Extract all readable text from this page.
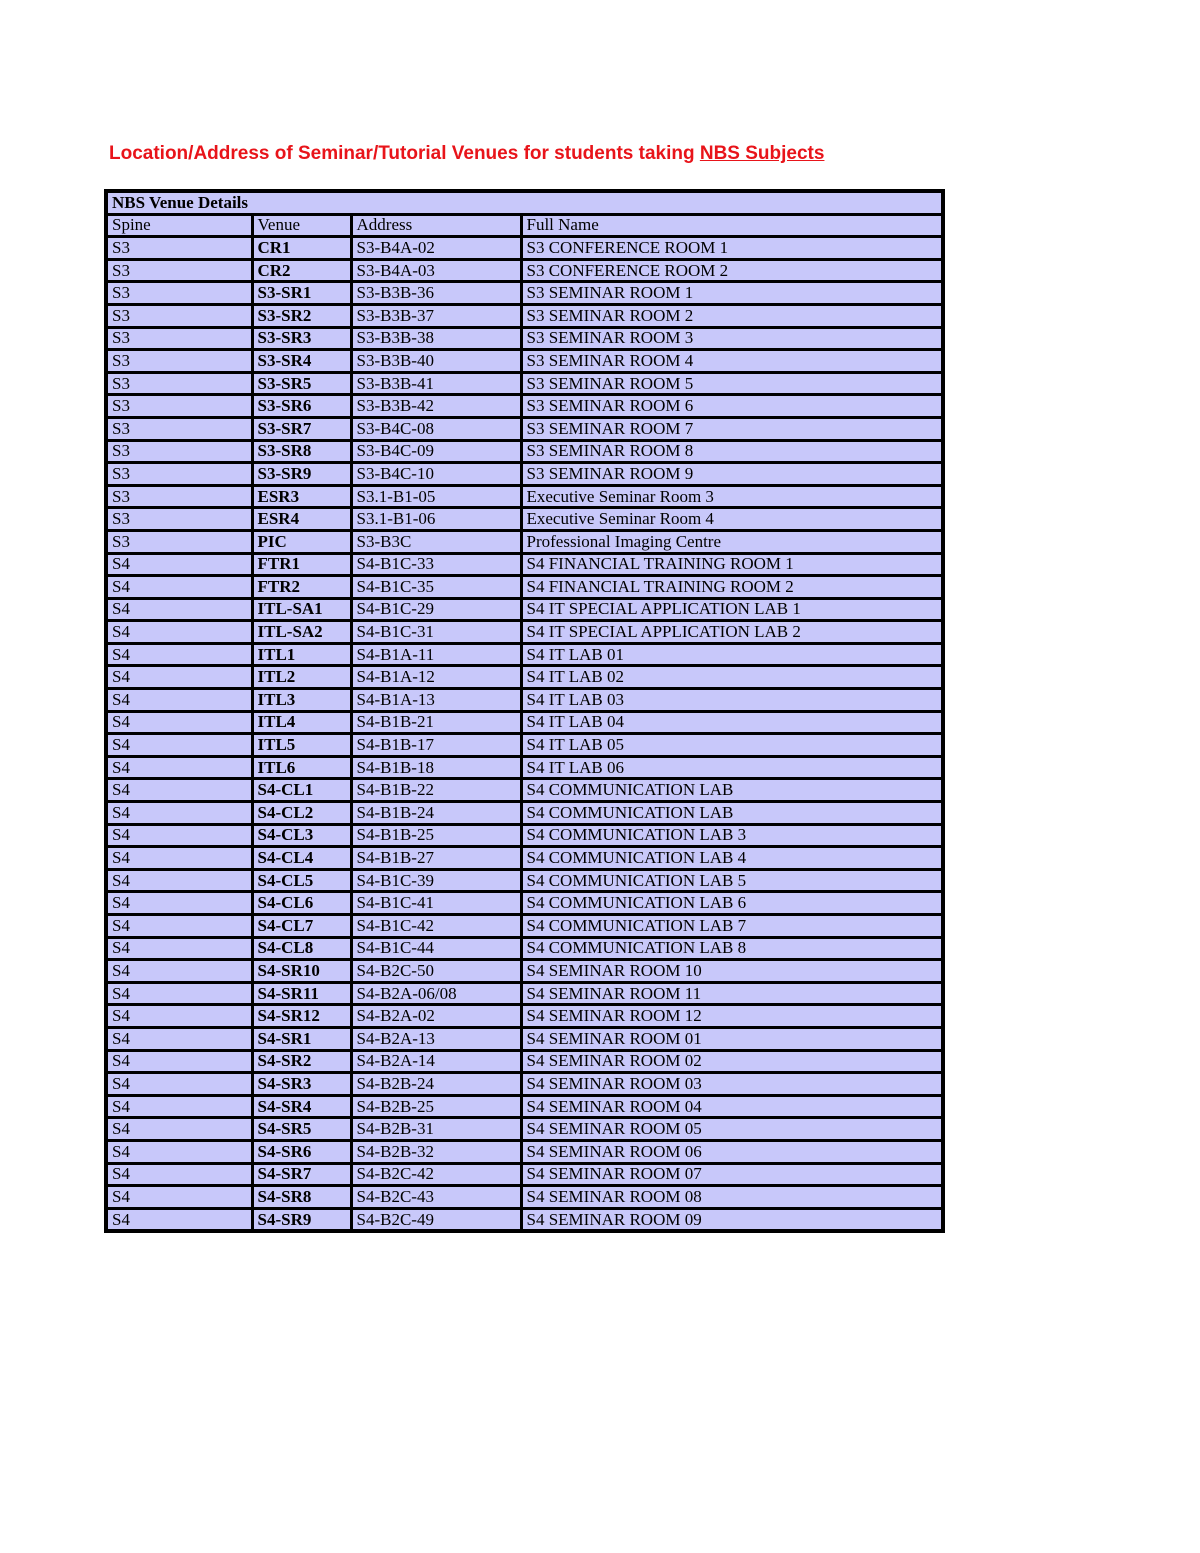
Location/Address of Seminar/Tutorial Venues for students taking NBS Subjects
NBS Venue Details			
Spine	Venue	Address	Full Name
S3	CR1	S3-B4A-02	S3 CONFERENCE ROOM 1
S3	CR2	S3-B4A-03	S3 CONFERENCE ROOM 2
S3	S3-SR1	S3-B3B-36	S3 SEMINAR ROOM 1
S3	S3-SR2	S3-B3B-37	S3 SEMINAR ROOM 2
S3	S3-SR3	S3-B3B-38	S3 SEMINAR ROOM 3
S3	S3-SR4	S3-B3B-40	S3 SEMINAR ROOM 4
S3	S3-SR5	S3-B3B-41	S3 SEMINAR ROOM 5
S3	S3-SR6	S3-B3B-42	S3 SEMINAR ROOM 6
S3	S3-SR7	S3-B4C-08	S3 SEMINAR ROOM 7
S3	S3-SR8	S3-B4C-09	S3 SEMINAR ROOM 8
S3	S3-SR9	S3-B4C-10	S3 SEMINAR ROOM 9
S3	ESR3	S3.1-B1-05	Executive Seminar Room 3
S3	ESR4	S3.1-B1-06	Executive Seminar Room 4
S3	PIC	S3-B3C	Professional Imaging Centre
S4	FTR1	S4-B1C-33	S4 FINANCIAL TRAINING ROOM 1
S4	FTR2	S4-B1C-35	S4 FINANCIAL TRAINING ROOM 2
S4	ITL-SA1	S4-B1C-29	S4 IT SPECIAL APPLICATION LAB 1
S4	ITL-SA2	S4-B1C-31	S4 IT SPECIAL APPLICATION LAB 2
S4	ITL1	S4-B1A-11	S4 IT LAB 01
S4	ITL2	S4-B1A-12	S4 IT LAB 02
S4	ITL3	S4-B1A-13	S4 IT LAB 03
S4	ITL4	S4-B1B-21	S4 IT LAB 04
S4	ITL5	S4-B1B-17	S4 IT LAB 05
S4	ITL6	S4-B1B-18	S4 IT LAB 06
S4	S4-CL1	S4-B1B-22	S4 COMMUNICATION LAB
S4	S4-CL2	S4-B1B-24	S4 COMMUNICATION LAB
S4	S4-CL3	S4-B1B-25	S4 COMMUNICATION LAB 3
S4	S4-CL4	S4-B1B-27	S4 COMMUNICATION LAB 4
S4	S4-CL5	S4-B1C-39	S4 COMMUNICATION LAB 5
S4	S4-CL6	S4-B1C-41	S4 COMMUNICATION LAB 6
S4	S4-CL7	S4-B1C-42	S4 COMMUNICATION LAB 7
S4	S4-CL8	S4-B1C-44	S4 COMMUNICATION LAB 8
S4	S4-SR10	S4-B2C-50	S4 SEMINAR ROOM 10
S4	S4-SR11	S4-B2A-06/08	S4 SEMINAR ROOM 11
S4	S4-SR12	S4-B2A-02	S4 SEMINAR ROOM 12
S4	S4-SR1	S4-B2A-13	S4 SEMINAR ROOM 01
S4	S4-SR2	S4-B2A-14	S4 SEMINAR ROOM 02
S4	S4-SR3	S4-B2B-24	S4 SEMINAR ROOM 03
S4	S4-SR4	S4-B2B-25	S4 SEMINAR ROOM 04
S4	S4-SR5	S4-B2B-31	S4 SEMINAR ROOM 05
S4	S4-SR6	S4-B2B-32	S4 SEMINAR ROOM 06
S4	S4-SR7	S4-B2C-42	S4 SEMINAR ROOM 07
S4	S4-SR8	S4-B2C-43	S4 SEMINAR ROOM 08
S4	S4-SR9	S4-B2C-49	S4 SEMINAR ROOM 09
